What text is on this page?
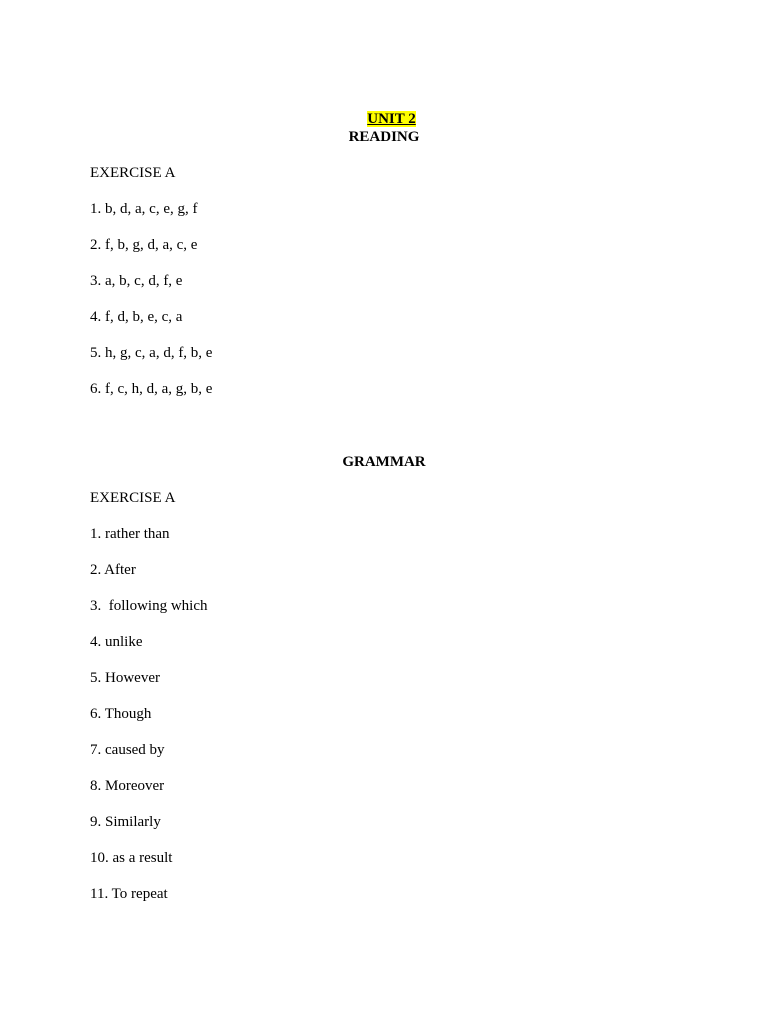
UNIT 2

READING
EXERCISE A
1. b, d, a, c, e, g, f
2. f, b, g, d, a, c, e
3. a, b, c, d, f, e
4. f, d, b, e, c, a
5. h, g, c, a, d, f, b, e
6. f, c, h, d, a, g, b, e
GRAMMAR
EXERCISE A
1. rather than
2. After
3.  following which
4. unlike
5. However
6. Though
7. caused by
8. Moreover
9. Similarly
10. as a result
11. To repeat
